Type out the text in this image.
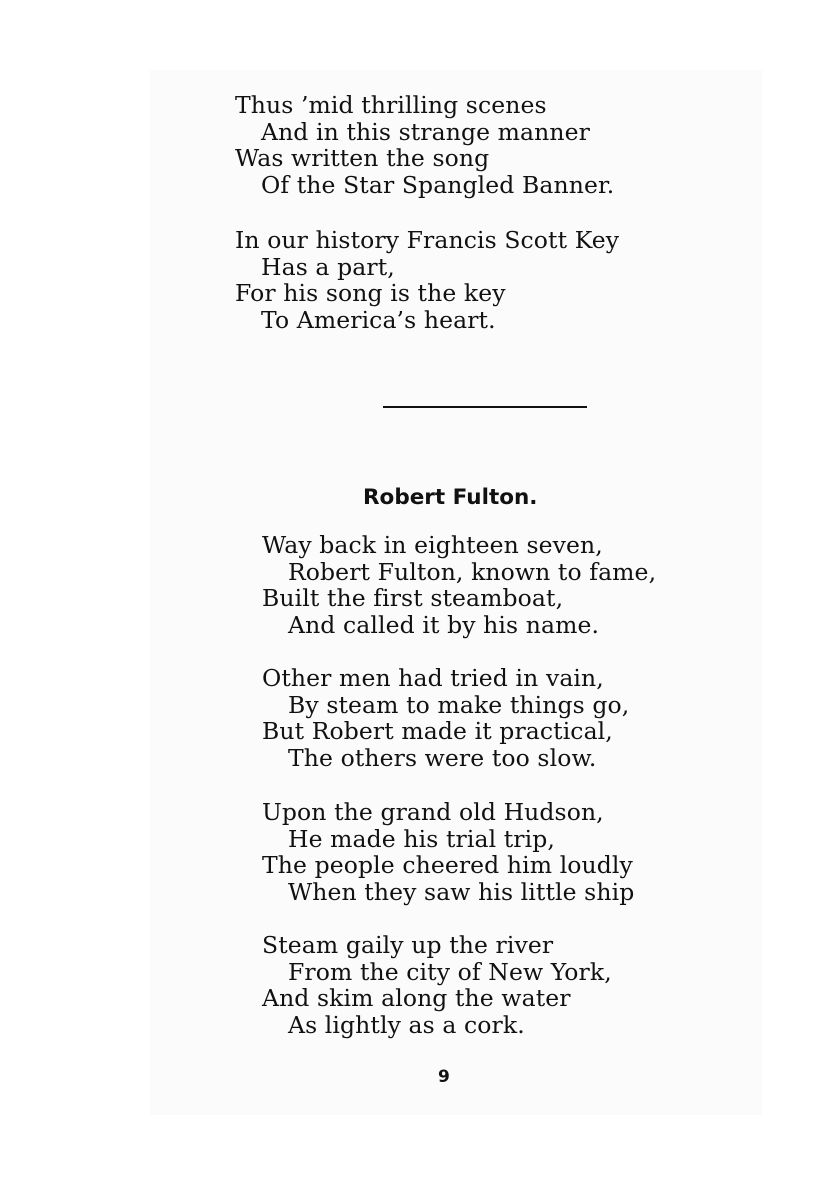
Thus ’mid thrilling scenes
And in this strange manner
Was written the song
Of the Star Spangled Banner.
In our history Francis Scott Key
Has a part,
For his song is the key
To America’s heart.
Robert Fulton.
Way back in eighteen seven,
Robert Fulton, known to fame,
Built the first steamboat,
And called it by his name.
Other men had tried in vain,
By steam to make things go,
But Robert made it practical,
The others were too slow.
Upon the grand old Hudson,
He made his trial trip,
The people cheered him loudly
When they saw his little ship
Steam gaily up the river
From the city of New York,
And skim along the water
As lightly as a cork.
9
